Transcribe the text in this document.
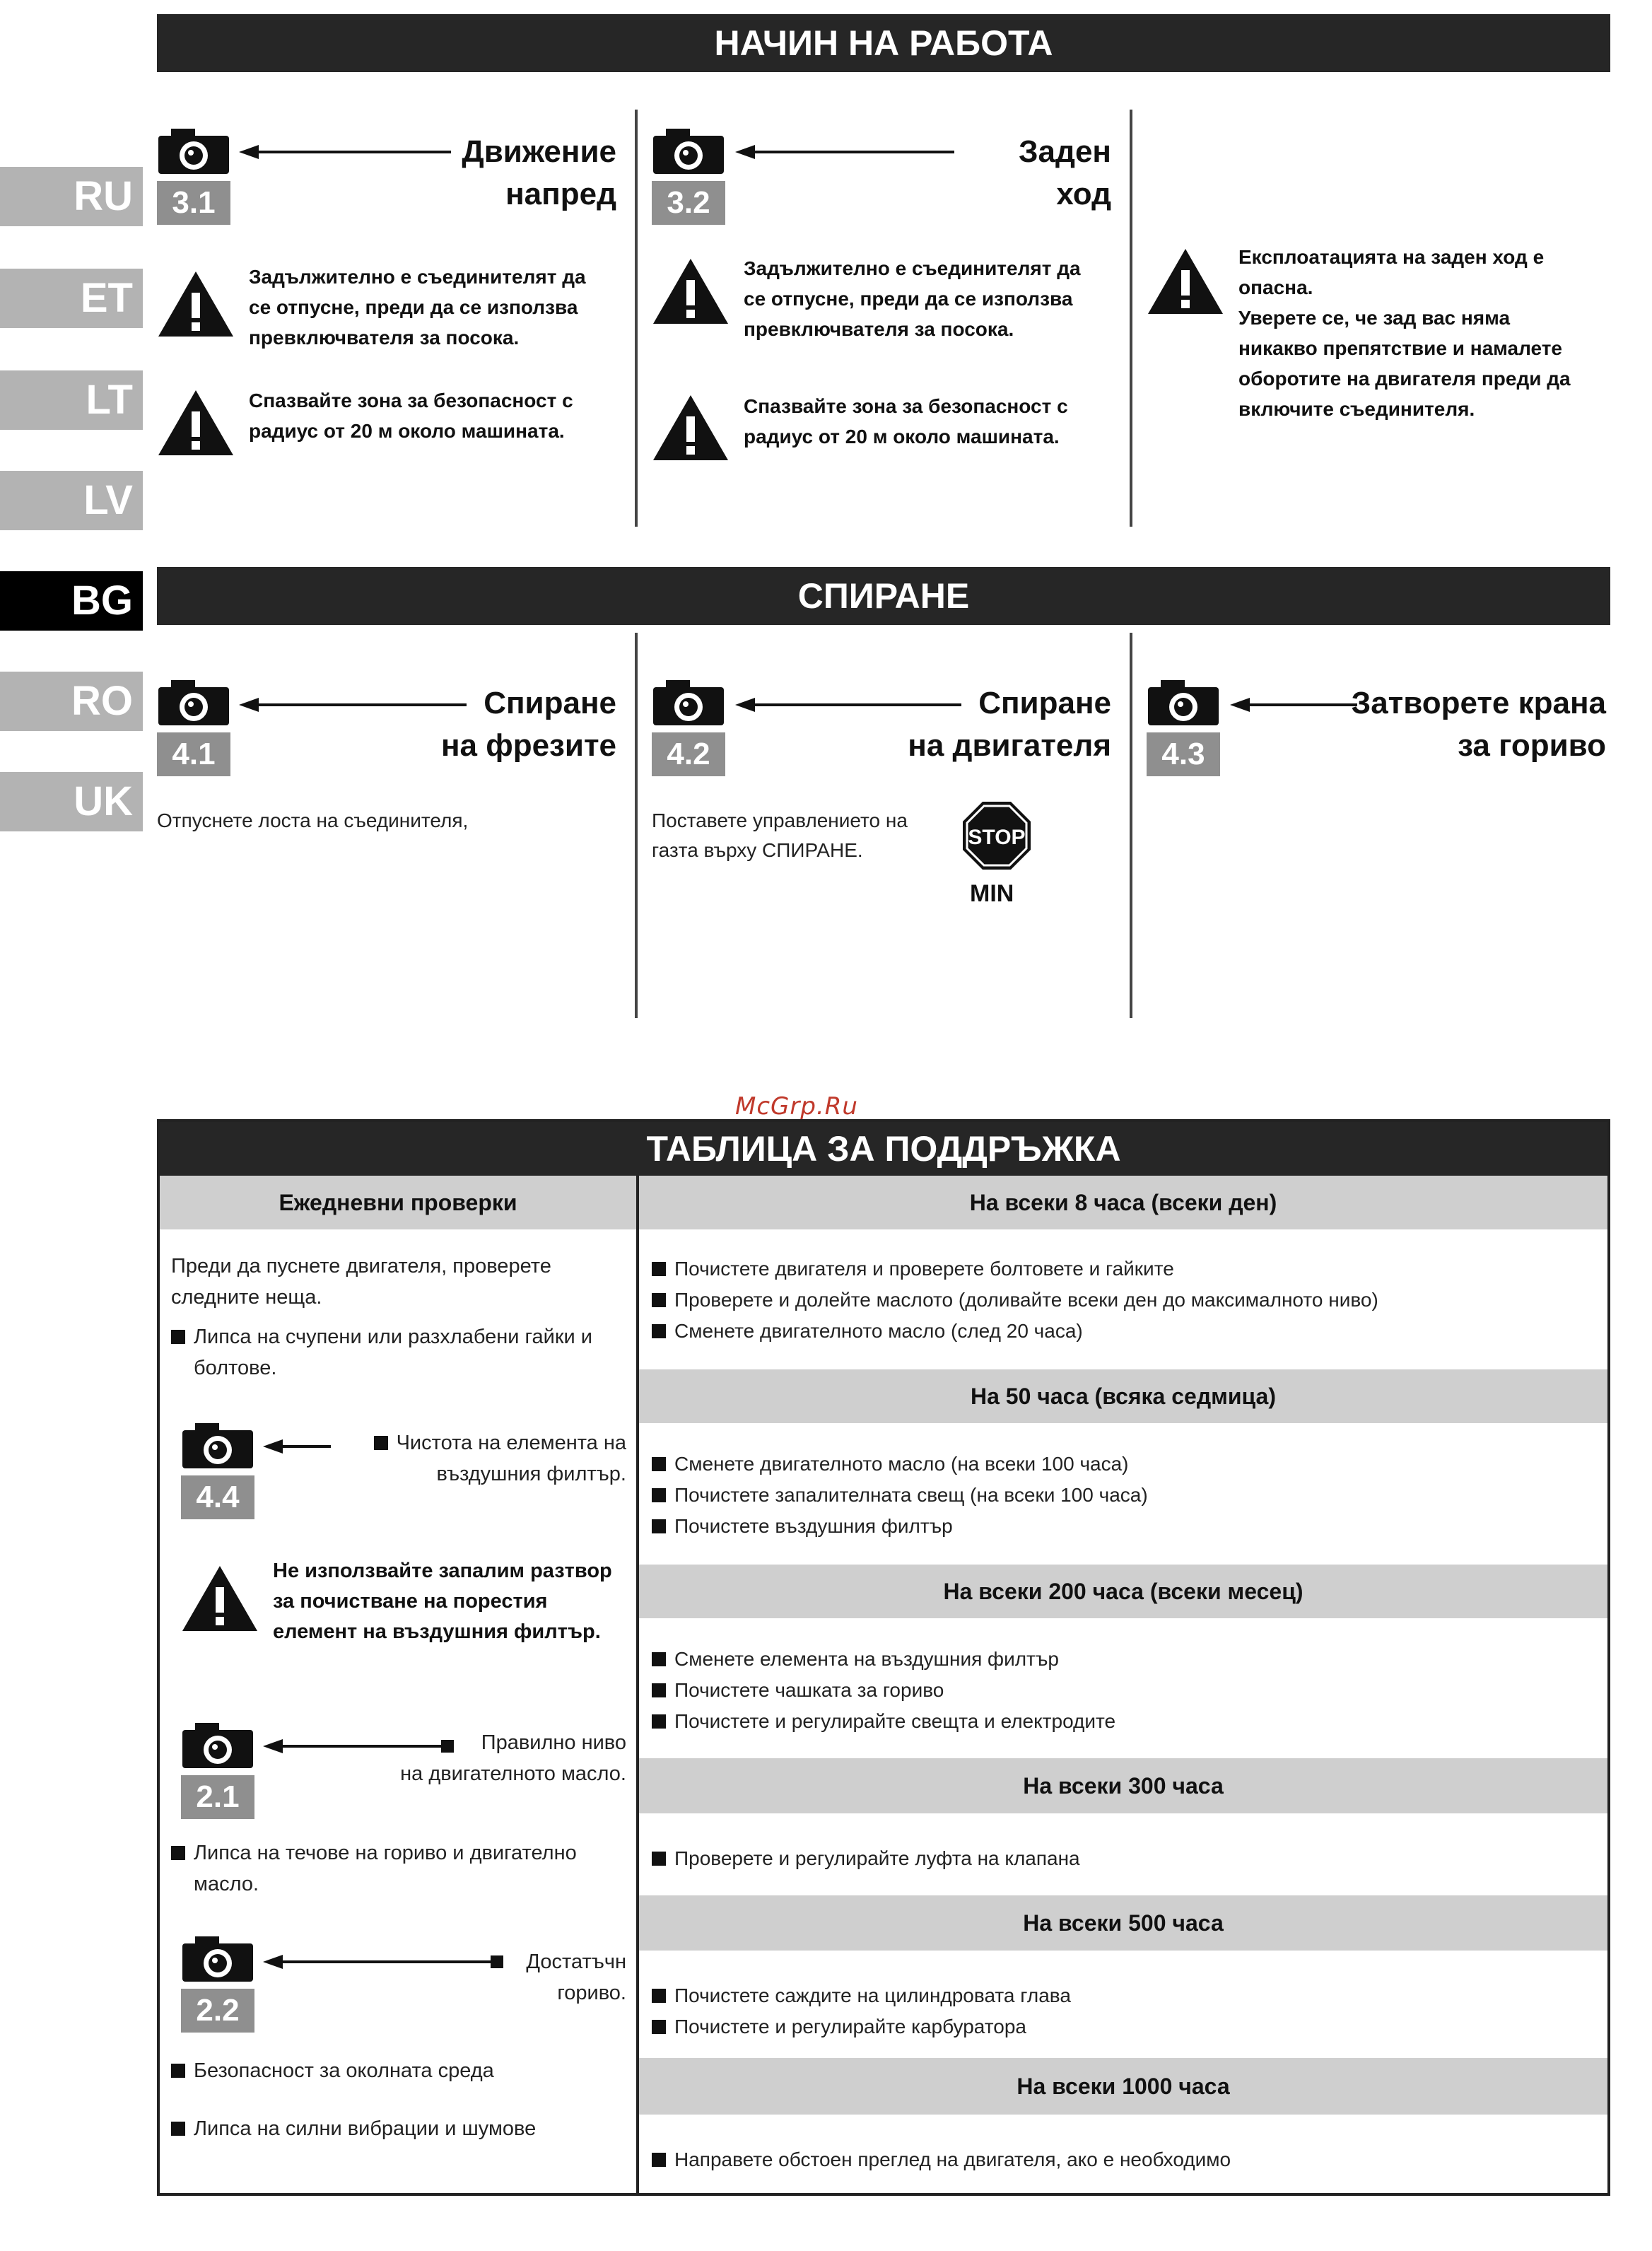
RU
ET
LT
LV
BG
RO
UK
НАЧИН НА РАБОТА
3.1
Движение
напред
Задължително е съединителят да
се отпусне, преди да се използва
превключвателя за посока.
Спазвайте зона за безопасност с
радиус от 20 м около машината.
3.2
Заден ход
Задължително е съединителят да
се отпусне, преди да се използва
превключвателя за посока.
Спазвайте зона за безопасност с
радиус от 20 м около машината.
Експлоатацията на заден ход е
опасна.
Уверете се, че зад вас няма
никакво препятствие и намалете
оборотите на двигателя преди да
включите съединителя.
СПИРАНЕ
4.1
Спиране
на фрезите
Отпуснете лоста на съединителя,
4.2
Спиране
на двигателя
Поставете управлението на
газта върху СПИРАНЕ.
STOP
MIN
4.3
Затворете крана
за гориво
McGrp.Ru
ТАБЛИЦА ЗА ПОДДРЪЖКА
Ежедневни проверки
Преди да пуснете двигателя, проверете
следните неща.
Липса на счупени или разхлабени гайки и
болтове.
4.4
Чистота на елемента на
въздушния филтър.
Не използвайте запалим разтвор
за почистване на порестия
елемент на въздушния филтър.
2.1
Правилно ниво
на двигателното масло.
Липса на течове на гориво и двигателно
масло.
2.2
Достатъчн
гориво.
Безопасност за околната среда
Липса на силни вибрации и шумове
На всеки 8 часа (всеки ден)
Почистете двигателя и проверете болтовете и гайките
Проверете и долейте маслото (доливайте всеки ден до максималното ниво)
Сменете двигателното масло (след 20 часа)
На 50 часа (всяка седмица)
Сменете двигателното масло (на всеки 100 часа)
Почистете запалителната свещ (на всеки 100 часа)
Почистете въздушния филтър
На всеки 200 часа (всеки месец)
Сменете елемента на въздушния филтър
Почистете чашката за гориво
Почистете и регулирайте свещта и електродите
На всеки 300 часа
Проверете и регулирайте луфта на клапана
На всеки 500 часа
Почистете саждите на цилиндровата глава
Почистете и регулирайте карбуратора
На всеки 1000 часа
Направете обстоен преглед на двигателя, ако е необходимо
